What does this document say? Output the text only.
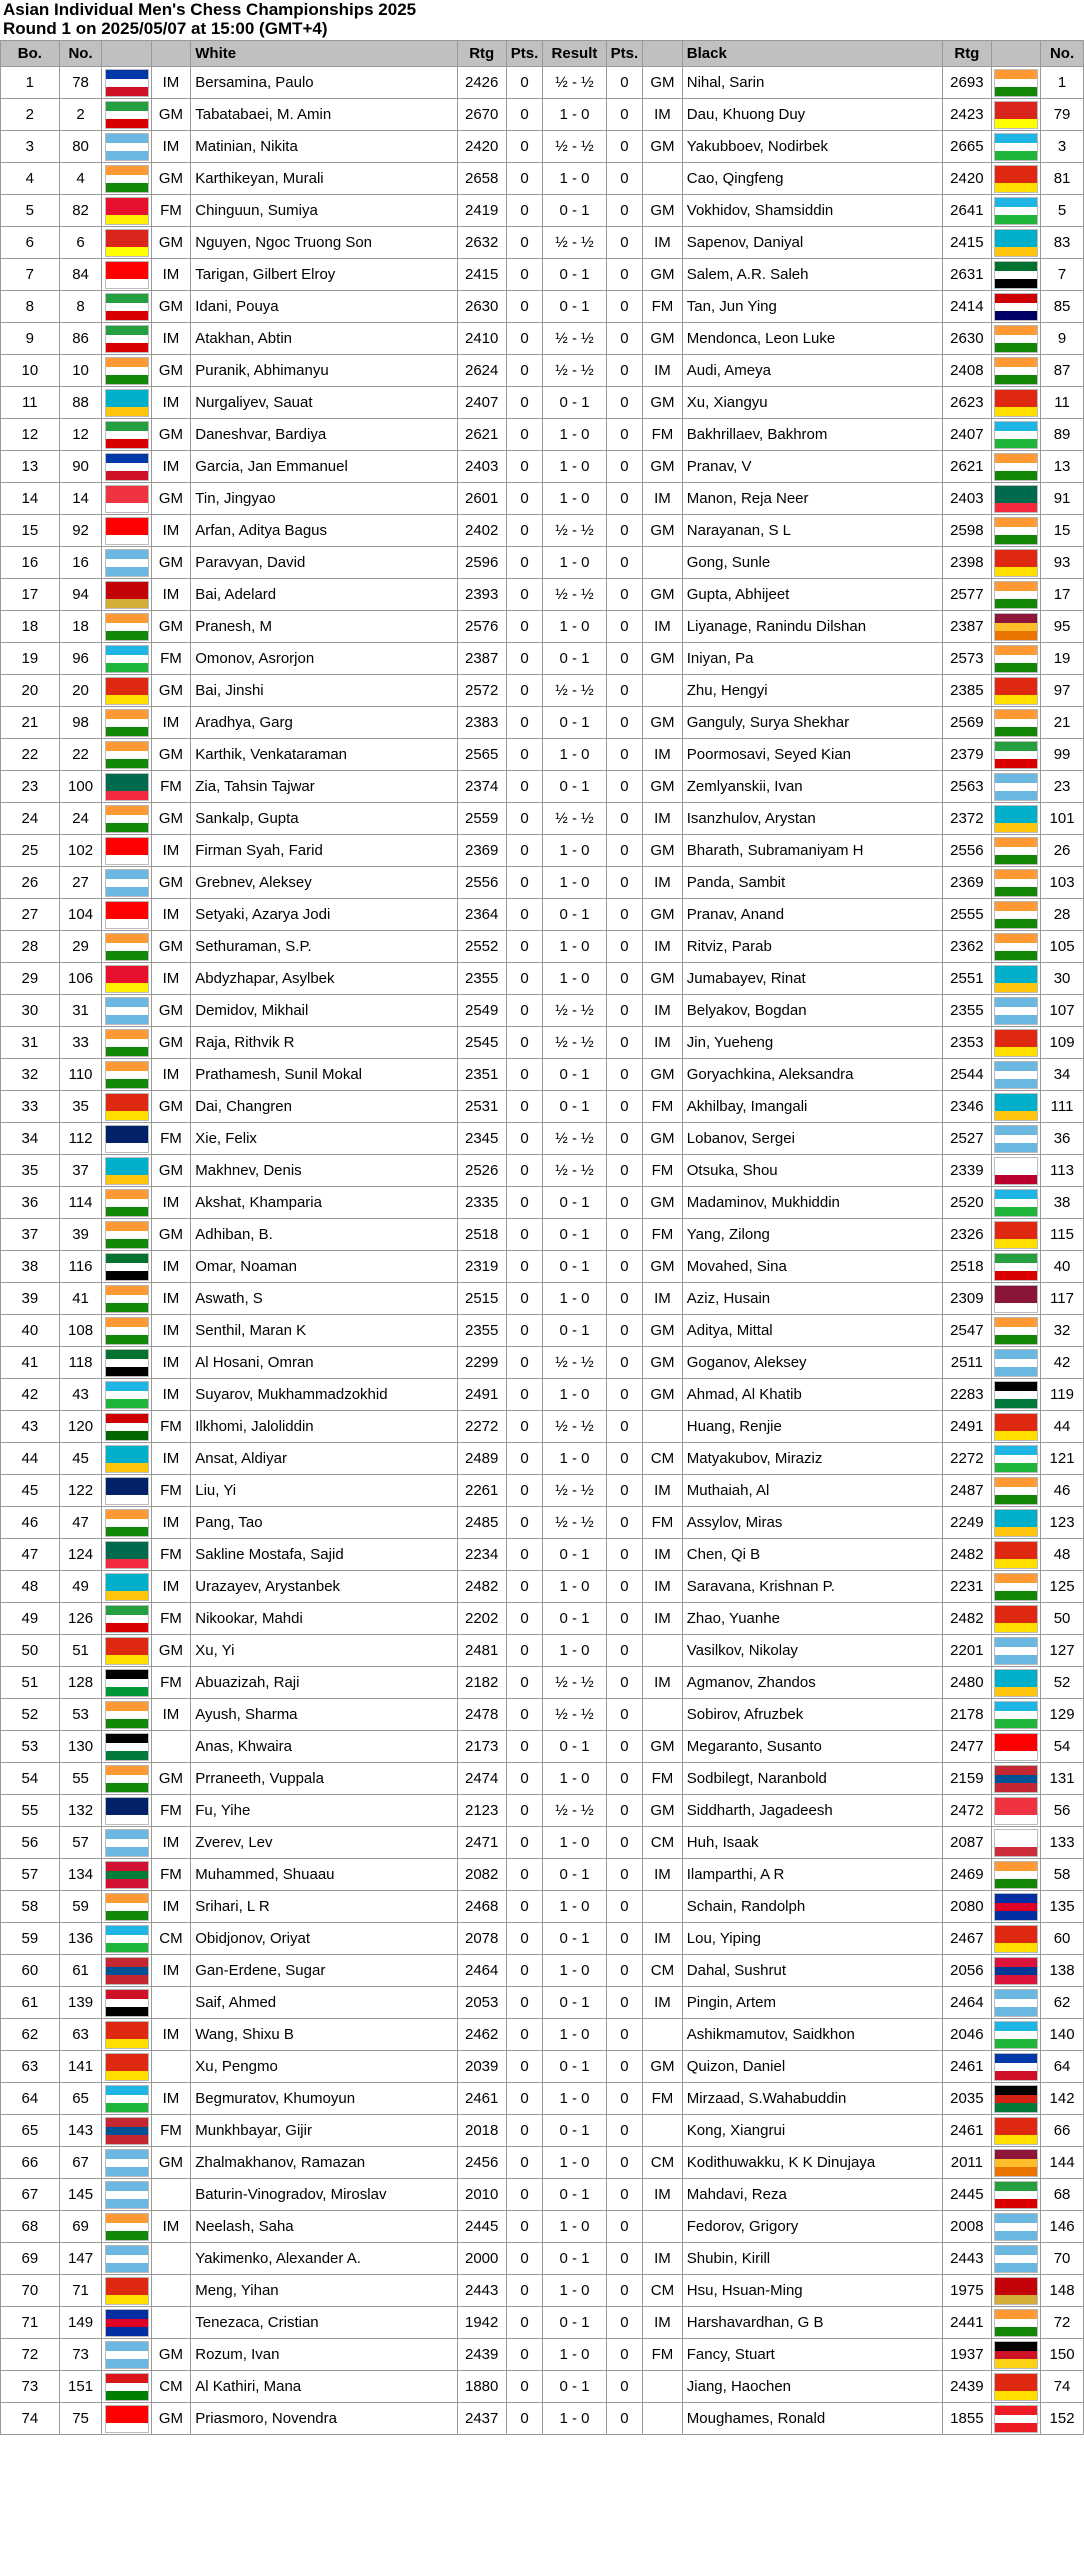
Asian Individual Men's Chess Championships 2025
Round 1 on 2025/05/07 at 15:00 (GMT+4)
Bo.	No.			White	Rtg	Pts.	Result	Pts.		Black	Rtg		No.
1	78		IM	Bersamina, Paulo	2426	0	½ - ½	0	GM	Nihal, Sarin	2693		1
2	2		GM	Tabatabaei, M. Amin	2670	0	1 - 0	0	IM	Dau, Khuong Duy	2423		79
3	80		IM	Matinian, Nikita	2420	0	½ - ½	0	GM	Yakubboev, Nodirbek	2665		3
4	4		GM	Karthikeyan, Murali	2658	0	1 - 0	0		Cao, Qingfeng	2420		81
5	82		FM	Chinguun, Sumiya	2419	0	0 - 1	0	GM	Vokhidov, Shamsiddin	2641		5
6	6		GM	Nguyen, Ngoc Truong Son	2632	0	½ - ½	0	IM	Sapenov, Daniyal	2415		83
7	84		IM	Tarigan, Gilbert Elroy	2415	0	0 - 1	0	GM	Salem, A.R. Saleh	2631		7
8	8		GM	Idani, Pouya	2630	0	0 - 1	0	FM	Tan, Jun Ying	2414		85
9	86		IM	Atakhan, Abtin	2410	0	½ - ½	0	GM	Mendonca, Leon Luke	2630		9
10	10		GM	Puranik, Abhimanyu	2624	0	½ - ½	0	IM	Audi, Ameya	2408		87
11	88		IM	Nurgaliyev, Sauat	2407	0	0 - 1	0	GM	Xu, Xiangyu	2623		11
12	12		GM	Daneshvar, Bardiya	2621	0	1 - 0	0	FM	Bakhrillaev, Bakhrom	2407		89
13	90		IM	Garcia, Jan Emmanuel	2403	0	1 - 0	0	GM	Pranav, V	2621		13
14	14		GM	Tin, Jingyao	2601	0	1 - 0	0	IM	Manon, Reja Neer	2403		91
15	92		IM	Arfan, Aditya Bagus	2402	0	½ - ½	0	GM	Narayanan, S L	2598		15
16	16		GM	Paravyan, David	2596	0	1 - 0	0		Gong, Sunle	2398		93
17	94		IM	Bai, Adelard	2393	0	½ - ½	0	GM	Gupta, Abhijeet	2577		17
18	18		GM	Pranesh, M	2576	0	1 - 0	0	IM	Liyanage, Ranindu Dilshan	2387		95
19	96		FM	Omonov, Asrorjon	2387	0	0 - 1	0	GM	Iniyan, Pa	2573		19
20	20		GM	Bai, Jinshi	2572	0	½ - ½	0		Zhu, Hengyi	2385		97
21	98		IM	Aradhya, Garg	2383	0	0 - 1	0	GM	Ganguly, Surya Shekhar	2569		21
22	22		GM	Karthik, Venkataraman	2565	0	1 - 0	0	IM	Poormosavi, Seyed Kian	2379		99
23	100		FM	Zia, Tahsin Tajwar	2374	0	0 - 1	0	GM	Zemlyanskii, Ivan	2563		23
24	24		GM	Sankalp, Gupta	2559	0	½ - ½	0	IM	Isanzhulov, Arystan	2372		101
25	102		IM	Firman Syah, Farid	2369	0	1 - 0	0	GM	Bharath, Subramaniyam H	2556		26
26	27		GM	Grebnev, Aleksey	2556	0	1 - 0	0	IM	Panda, Sambit	2369		103
27	104		IM	Setyaki, Azarya Jodi	2364	0	0 - 1	0	GM	Pranav, Anand	2555		28
28	29		GM	Sethuraman, S.P.	2552	0	1 - 0	0	IM	Ritviz, Parab	2362		105
29	106		IM	Abdyzhapar, Asylbek	2355	0	1 - 0	0	GM	Jumabayev, Rinat	2551		30
30	31		GM	Demidov, Mikhail	2549	0	½ - ½	0	IM	Belyakov, Bogdan	2355		107
31	33		GM	Raja, Rithvik R	2545	0	½ - ½	0	IM	Jin, Yueheng	2353		109
32	110		IM	Prathamesh, Sunil Mokal	2351	0	0 - 1	0	GM	Goryachkina, Aleksandra	2544		34
33	35		GM	Dai, Changren	2531	0	0 - 1	0	FM	Akhilbay, Imangali	2346		111
34	112		FM	Xie, Felix	2345	0	½ - ½	0	GM	Lobanov, Sergei	2527		36
35	37		GM	Makhnev, Denis	2526	0	½ - ½	0	FM	Otsuka, Shou	2339		113
36	114		IM	Akshat, Khamparia	2335	0	0 - 1	0	GM	Madaminov, Mukhiddin	2520		38
37	39		GM	Adhiban, B.	2518	0	0 - 1	0	FM	Yang, Zilong	2326		115
38	116		IM	Omar, Noaman	2319	0	0 - 1	0	GM	Movahed, Sina	2518		40
39	41		IM	Aswath, S	2515	0	1 - 0	0	IM	Aziz, Husain	2309		117
40	108		IM	Senthil, Maran K	2355	0	0 - 1	0	GM	Aditya, Mittal	2547		32
41	118		IM	Al Hosani, Omran	2299	0	½ - ½	0	GM	Goganov, Aleksey	2511		42
42	43		IM	Suyarov, Mukhammadzokhid	2491	0	1 - 0	0	GM	Ahmad, Al Khatib	2283		119
43	120		FM	Ilkhomi, Jaloliddin	2272	0	½ - ½	0		Huang, Renjie	2491		44
44	45		IM	Ansat, Aldiyar	2489	0	1 - 0	0	CM	Matyakubov, Miraziz	2272		121
45	122		FM	Liu, Yi	2261	0	½ - ½	0	IM	Muthaiah, Al	2487		46
46	47		IM	Pang, Tao	2485	0	½ - ½	0	FM	Assylov, Miras	2249		123
47	124		FM	Sakline Mostafa, Sajid	2234	0	0 - 1	0	IM	Chen, Qi B	2482		48
48	49		IM	Urazayev, Arystanbek	2482	0	1 - 0	0	IM	Saravana, Krishnan P.	2231		125
49	126		FM	Nikookar, Mahdi	2202	0	0 - 1	0	IM	Zhao, Yuanhe	2482		50
50	51		GM	Xu, Yi	2481	0	1 - 0	0		Vasilkov, Nikolay	2201		127
51	128		FM	Abuazizah, Raji	2182	0	½ - ½	0	IM	Agmanov, Zhandos	2480		52
52	53		IM	Ayush, Sharma	2478	0	½ - ½	0		Sobirov, Afruzbek	2178		129
53	130			Anas, Khwaira	2173	0	0 - 1	0	GM	Megaranto, Susanto	2477		54
54	55		GM	Prraneeth, Vuppala	2474	0	1 - 0	0	FM	Sodbilegt, Naranbold	2159		131
55	132		FM	Fu, Yihe	2123	0	½ - ½	0	GM	Siddharth, Jagadeesh	2472		56
56	57		IM	Zverev, Lev	2471	0	1 - 0	0	CM	Huh, Isaak	2087		133
57	134		FM	Muhammed, Shuaau	2082	0	0 - 1	0	IM	Ilamparthi, A R	2469		58
58	59		IM	Srihari, L R	2468	0	1 - 0	0		Schain, Randolph	2080		135
59	136		CM	Obidjonov, Oriyat	2078	0	0 - 1	0	IM	Lou, Yiping	2467		60
60	61		IM	Gan-Erdene, Sugar	2464	0	1 - 0	0	CM	Dahal, Sushrut	2056		138
61	139			Saif, Ahmed	2053	0	0 - 1	0	IM	Pingin, Artem	2464		62
62	63		IM	Wang, Shixu B	2462	0	1 - 0	0		Ashikmamutov, Saidkhon	2046		140
63	141			Xu, Pengmo	2039	0	0 - 1	0	GM	Quizon, Daniel	2461		64
64	65		IM	Begmuratov, Khumoyun	2461	0	1 - 0	0	FM	Mirzaad, S.Wahabuddin	2035		142
65	143		FM	Munkhbayar, Gijir	2018	0	0 - 1	0		Kong, Xiangrui	2461		66
66	67		GM	Zhalmakhanov, Ramazan	2456	0	1 - 0	0	CM	Kodithuwakku, K K Dinujaya	2011		144
67	145			Baturin-Vinogradov, Miroslav	2010	0	0 - 1	0	IM	Mahdavi, Reza	2445		68
68	69		IM	Neelash, Saha	2445	0	1 - 0	0		Fedorov, Grigory	2008		146
69	147			Yakimenko, Alexander A.	2000	0	0 - 1	0	IM	Shubin, Kirill	2443		70
70	71			Meng, Yihan	2443	0	1 - 0	0	CM	Hsu, Hsuan-Ming	1975		148
71	149			Tenezaca, Cristian	1942	0	0 - 1	0	IM	Harshavardhan, G B	2441		72
72	73		GM	Rozum, Ivan	2439	0	1 - 0	0	FM	Fancy, Stuart	1937		150
73	151		CM	Al Kathiri, Mana	1880	0	0 - 1	0		Jiang, Haochen	2439		74
74	75		GM	Priasmoro, Novendra	2437	0	1 - 0	0		Moughames, Ronald	1855		152
